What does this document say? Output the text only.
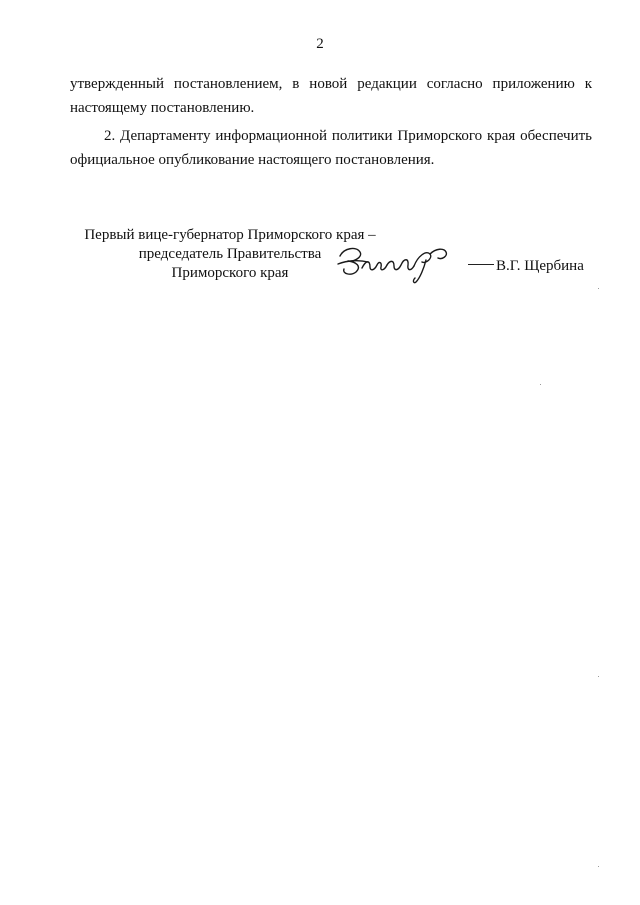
2
утвержденный постановлением, в новой редакции согласно приложению к
настоящему постановлению.
2. Департаменту информационной политики Приморского края обеспечить
официальное опубликование настоящего постановления.
Первый вице-губернатор Приморского края –
председатель Правительства
Приморского края	В.Г. Щербина
